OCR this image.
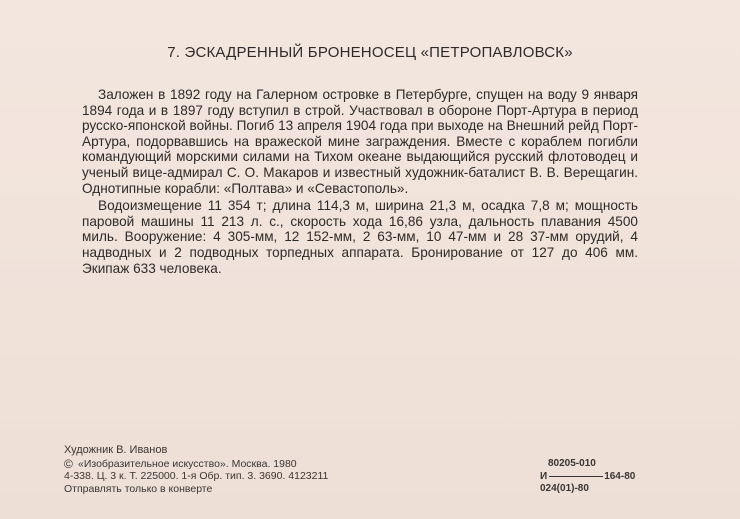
7. ЭСКАДРЕННЫЙ БРОНЕНОСЕЦ «ПЕТРОПАВЛОВСК»

Заложен в 1892 году на Галерном островке в Петербурге, спущен на воду 9 января 1894 года и в 1897 году вступил в строй. Участвовал в обороне Порт-Артура в период русско-японской войны. Погиб 13 апреля 1904 года при выходе на Внешний рейд Порт-Артура, подорвавшись на вражеской мине заграждения. Вместе с кораблем погибли командующий морскими силами на Тихом океане выдающийся русский флотоводец и ученый вице-адмирал С. О. Макаров и известный художник-баталист В. В. Верещагин. Однотипные корабли: «Полтава» и «Севастополь».

Водоизмещение 11 354 т; длина 114,3 м, ширина 21,3 м, осадка 7,8 м; мощность паровой машины 11 213 л. с., скорость хода 16,86 узла, дальность плавания 4500 миль. Вооружение: 4 305-мм, 12 152-мм, 2 63-мм, 10 47-мм и 28 37-мм орудий, 4 надводных и 2 подводных торпедных аппарата. Бронирование от 127 до 406 мм. Экипаж 633 человека.

Художник В. Иванов
© «Изобразительное искусство». Москва. 1980
4-338. Ц. 3 к. Т. 225000. 1-я Обр. тип. 3. 3690. 4123211
Отправлять только в конверте
80205-010
И	164-80
024(01)-80
